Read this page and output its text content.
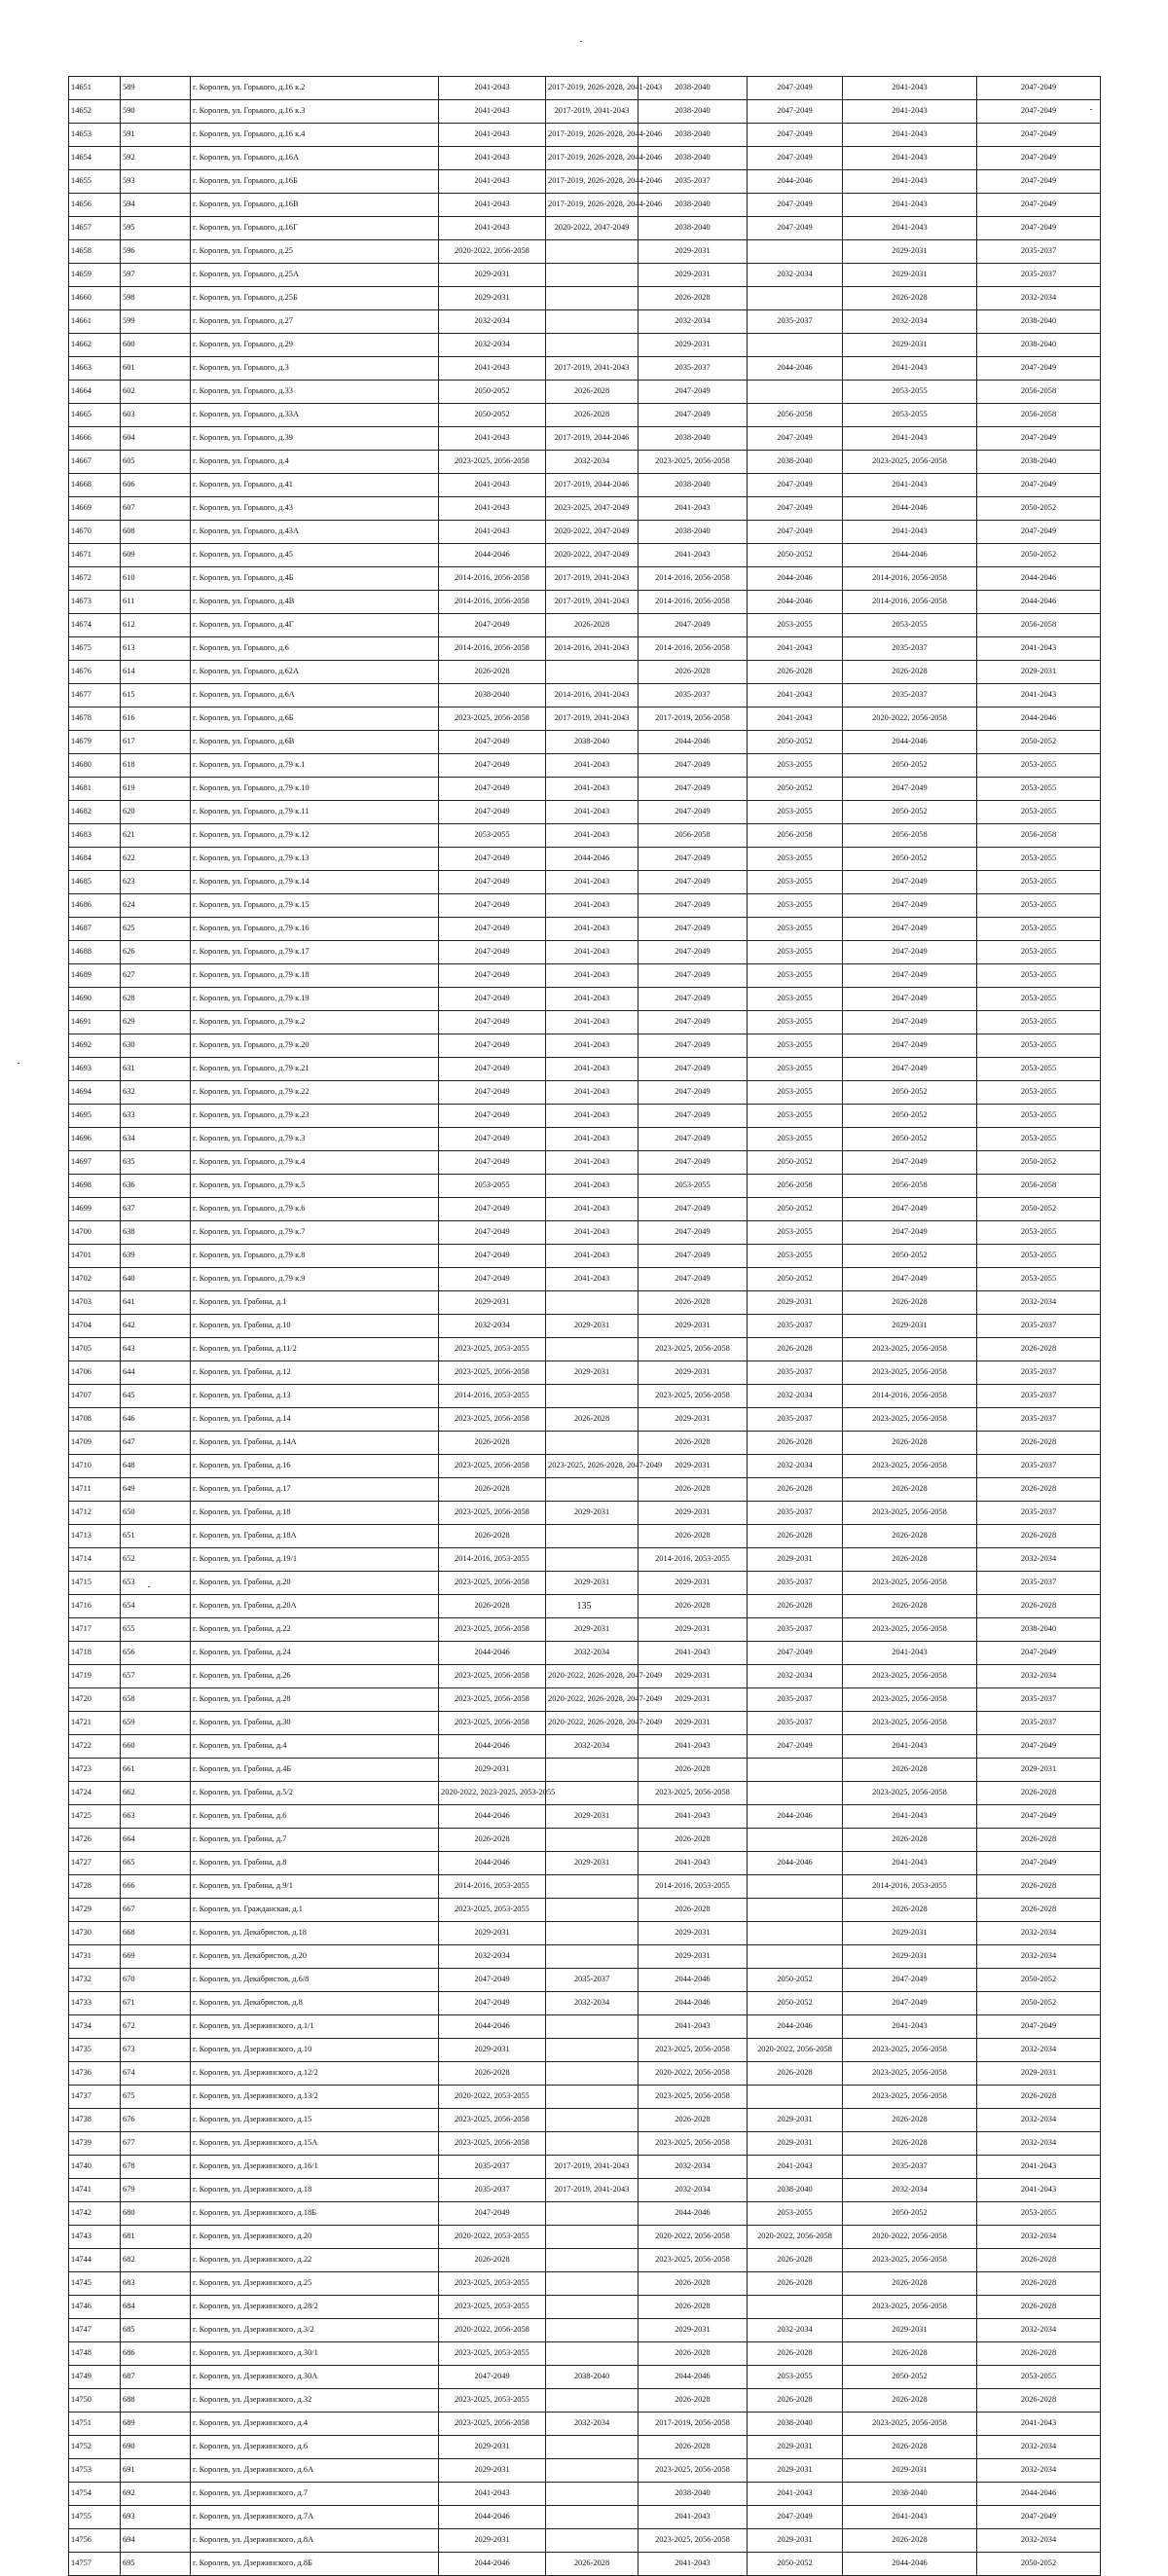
14651	589	г. Королев, ул. Горького, д.16 к.2	2041-2043	2017-2019, 2026-2028, 2041-2043	2038-2040	2047-2049	2041-2043	2047-2049
14652	590	г. Королев, ул. Горького, д.16 к.3	2041-2043	2017-2019, 2041-2043	2038-2040	2047-2049	2041-2043	2047-2049
14653	591	г. Королев, ул. Горького, д.16 к.4	2041-2043	2017-2019, 2026-2028, 2044-2046	2038-2040	2047-2049	2041-2043	2047-2049
14654	592	г. Королев, ул. Горького, д.16А	2041-2043	2017-2019, 2026-2028, 2044-2046	2038-2040	2047-2049	2041-2043	2047-2049
14655	593	г. Королев, ул. Горького, д.16Б	2041-2043	2017-2019, 2026-2028, 2044-2046	2035-2037	2044-2046	2041-2043	2047-2049
14656	594	г. Королев, ул. Горького, д.16В	2041-2043	2017-2019, 2026-2028, 2044-2046	2038-2040	2047-2049	2041-2043	2047-2049
14657	595	г. Королев, ул. Горького, д.16Г	2041-2043	2020-2022, 2047-2049	2038-2040	2047-2049	2041-2043	2047-2049
14658	596	г. Королев, ул. Горького, д.25	2020-2022, 2056-2058		2029-2031		2029-2031	2035-2037
14659	597	г. Королев, ул. Горького, д.25А	2029-2031		2029-2031	2032-2034	2029-2031	2035-2037
14660	598	г. Королев, ул. Горького, д.25Б	2029-2031		2026-2028		2026-2028	2032-2034
14661	599	г. Королев, ул. Горького, д.27	2032-2034		2032-2034	2035-2037	2032-2034	2038-2040
14662	600	г. Королев, ул. Горького, д.29	2032-2034		2029-2031		2029-2031	2038-2040
14663	601	г. Королев, ул. Горького, д.3	2041-2043	2017-2019, 2041-2043	2035-2037	2044-2046	2041-2043	2047-2049
14664	602	г. Королев, ул. Горького, д.33	2050-2052	2026-2028	2047-2049		2053-2055	2056-2058
14665	603	г. Королев, ул. Горького, д.33А	2050-2052	2026-2028	2047-2049	2056-2058	2053-2055	2056-2058
14666	604	г. Королев, ул. Горького, д.39	2041-2043	2017-2019, 2044-2046	2038-2040	2047-2049	2041-2043	2047-2049
14667	605	г. Королев, ул. Горького, д.4	2023-2025, 2056-2058	2032-2034	2023-2025, 2056-2058	2038-2040	2023-2025, 2056-2058	2038-2040
14668	606	г. Королев, ул. Горького, д.41	2041-2043	2017-2019, 2044-2046	2038-2040	2047-2049	2041-2043	2047-2049
14669	607	г. Королев, ул. Горького, д.43	2041-2043	2023-2025, 2047-2049	2041-2043	2047-2049	2044-2046	2050-2052
14670	608	г. Королев, ул. Горького, д.43А	2041-2043	2020-2022, 2047-2049	2038-2040	2047-2049	2041-2043	2047-2049
14671	609	г. Королев, ул. Горького, д.45	2044-2046	2020-2022, 2047-2049	2041-2043	2050-2052	2044-2046	2050-2052
14672	610	г. Королев, ул. Горького, д.4Б	2014-2016, 2056-2058	2017-2019, 2041-2043	2014-2016, 2056-2058	2044-2046	2014-2016, 2056-2058	2044-2046
14673	611	г. Королев, ул. Горького, д.4В	2014-2016, 2056-2058	2017-2019, 2041-2043	2014-2016, 2056-2058	2044-2046	2014-2016, 2056-2058	2044-2046
14674	612	г. Королев, ул. Горького, д.4Г	2047-2049	2026-2028	2047-2049	2053-2055	2053-2055	2056-2058
14675	613	г. Королев, ул. Горького, д.6	2014-2016, 2056-2058	2014-2016, 2041-2043	2014-2016, 2056-2058	2041-2043	2035-2037	2041-2043
14676	614	г. Королев, ул. Горького, д.62А	2026-2028		2026-2028	2026-2028	2026-2028	2029-2031
14677	615	г. Королев, ул. Горького, д.6А	2038-2040	2014-2016, 2041-2043	2035-2037	2041-2043	2035-2037	2041-2043
14678	616	г. Королев, ул. Горького, д.6Б	2023-2025, 2056-2058	2017-2019, 2041-2043	2017-2019, 2056-2058	2041-2043	2020-2022, 2056-2058	2044-2046
14679	617	г. Королев, ул. Горького, д.6В	2047-2049	2038-2040	2044-2046	2050-2052	2044-2046	2050-2052
14680	618	г. Королев, ул. Горького, д.79 к.1	2047-2049	2041-2043	2047-2049	2053-2055	2050-2052	2053-2055
14681	619	г. Королев, ул. Горького, д.79 к.10	2047-2049	2041-2043	2047-2049	2050-2052	2047-2049	2053-2055
14682	620	г. Королев, ул. Горького, д.79 к.11	2047-2049	2041-2043	2047-2049	2053-2055	2050-2052	2053-2055
14683	621	г. Королев, ул. Горького, д.79 к.12	2053-2055	2041-2043	2056-2058	2056-2058	2056-2058	2056-2058
14684	622	г. Королев, ул. Горького, д.79 к.13	2047-2049	2044-2046	2047-2049	2053-2055	2050-2052	2053-2055
14685	623	г. Королев, ул. Горького, д.79 к.14	2047-2049	2041-2043	2047-2049	2053-2055	2047-2049	2053-2055
14686	624	г. Королев, ул. Горького, д.79 к.15	2047-2049	2041-2043	2047-2049	2053-2055	2047-2049	2053-2055
14687	625	г. Королев, ул. Горького, д.79 к.16	2047-2049	2041-2043	2047-2049	2053-2055	2047-2049	2053-2055
14688	626	г. Королев, ул. Горького, д.79 к.17	2047-2049	2041-2043	2047-2049	2053-2055	2047-2049	2053-2055
14689	627	г. Королев, ул. Горького, д.79 к.18	2047-2049	2041-2043	2047-2049	2053-2055	2047-2049	2053-2055
14690	628	г. Королев, ул. Горького, д.79 к.19	2047-2049	2041-2043	2047-2049	2053-2055	2047-2049	2053-2055
14691	629	г. Королев, ул. Горького, д.79 к.2	2047-2049	2041-2043	2047-2049	2053-2055	2047-2049	2053-2055
14692	630	г. Королев, ул. Горького, д.79 к.20	2047-2049	2041-2043	2047-2049	2053-2055	2047-2049	2053-2055
14693	631	г. Королев, ул. Горького, д.79 к.21	2047-2049	2041-2043	2047-2049	2053-2055	2047-2049	2053-2055
14694	632	г. Королев, ул. Горького, д.79 к.22	2047-2049	2041-2043	2047-2049	2053-2055	2050-2052	2053-2055
14695	633	г. Королев, ул. Горького, д.79 к.23	2047-2049	2041-2043	2047-2049	2053-2055	2050-2052	2053-2055
14696	634	г. Королев, ул. Горького, д.79 к.3	2047-2049	2041-2043	2047-2049	2053-2055	2050-2052	2053-2055
14697	635	г. Королев, ул. Горького, д.79 к.4	2047-2049	2041-2043	2047-2049	2050-2052	2047-2049	2050-2052
14698	636	г. Королев, ул. Горького, д.79 к.5	2053-2055	2041-2043	2053-2055	2056-2058	2056-2058	2056-2058
14699	637	г. Королев, ул. Горького, д.79 к.6	2047-2049	2041-2043	2047-2049	2050-2052	2047-2049	2050-2052
14700	638	г. Королев, ул. Горького, д.79 к.7	2047-2049	2041-2043	2047-2049	2053-2055	2047-2049	2053-2055
14701	639	г. Королев, ул. Горького, д.79 к.8	2047-2049	2041-2043	2047-2049	2053-2055	2050-2052	2053-2055
14702	640	г. Королев, ул. Горького, д.79 к.9	2047-2049	2041-2043	2047-2049	2050-2052	2047-2049	2053-2055
14703	641	г. Королев, ул. Грабина, д.1	2029-2031		2026-2028	2029-2031	2026-2028	2032-2034
14704	642	г. Королев, ул. Грабина, д.10	2032-2034	2029-2031	2029-2031	2035-2037	2029-2031	2035-2037
14705	643	г. Королев, ул. Грабина, д.11/2	2023-2025, 2053-2055		2023-2025, 2056-2058	2026-2028	2023-2025, 2056-2058	2026-2028
14706	644	г. Королев, ул. Грабина, д.12	2023-2025, 2056-2058	2029-2031	2029-2031	2035-2037	2023-2025, 2056-2058	2035-2037
14707	645	г. Королев, ул. Грабина, д.13	2014-2016, 2053-2055		2023-2025, 2056-2058	2032-2034	2014-2016, 2056-2058	2035-2037
14708	646	г. Королев, ул. Грабина, д.14	2023-2025, 2056-2058	2026-2028	2029-2031	2035-2037	2023-2025, 2056-2058	2035-2037
14709	647	г. Королев, ул. Грабина, д.14А	2026-2028		2026-2028	2026-2028	2026-2028	2026-2028
14710	648	г. Королев, ул. Грабина, д.16	2023-2025, 2056-2058	2023-2025, 2026-2028, 2047-2049	2029-2031	2032-2034	2023-2025, 2056-2058	2035-2037
14711	649	г. Королев, ул. Грабина, д.17	2026-2028		2026-2028	2026-2028	2026-2028	2026-2028
14712	650	г. Королев, ул. Грабина, д.18	2023-2025, 2056-2058	2029-2031	2029-2031	2035-2037	2023-2025, 2056-2058	2035-2037
14713	651	г. Королев, ул. Грабина, д.18А	2026-2028		2026-2028	2026-2028	2026-2028	2026-2028
14714	652	г. Королев, ул. Грабина, д.19/1	2014-2016, 2053-2055		2014-2016, 2053-2055	2029-2031	2026-2028	2032-2034
14715	653	г. Королев, ул. Грабина, д.20	2023-2025, 2056-2058	2029-2031	2029-2031	2035-2037	2023-2025, 2056-2058	2035-2037
14716	654	г. Королев, ул. Грабина, д.20А	2026-2028		2026-2028	2026-2028	2026-2028	2026-2028
14717	655	г. Королев, ул. Грабина, д.22	2023-2025, 2056-2058	2029-2031	2029-2031	2035-2037	2023-2025, 2056-2058	2038-2040
14718	656	г. Королев, ул. Грабина, д.24	2044-2046	2032-2034	2041-2043	2047-2049	2041-2043	2047-2049
14719	657	г. Королев, ул. Грабина, д.26	2023-2025, 2056-2058	2020-2022, 2026-2028, 2047-2049	2029-2031	2032-2034	2023-2025, 2056-2058	2032-2034
14720	658	г. Королев, ул. Грабина, д.28	2023-2025, 2056-2058	2020-2022, 2026-2028, 2047-2049	2029-2031	2035-2037	2023-2025, 2056-2058	2035-2037
14721	659	г. Королев, ул. Грабина, д.30	2023-2025, 2056-2058	2020-2022, 2026-2028, 2047-2049	2029-2031	2035-2037	2023-2025, 2056-2058	2035-2037
14722	660	г. Королев, ул. Грабина, д.4	2044-2046	2032-2034	2041-2043	2047-2049	2041-2043	2047-2049
14723	661	г. Королев, ул. Грабина, д.4Б	2029-2031		2026-2028		2026-2028	2029-2031
14724	662	г. Королев, ул. Грабина, д.5/2	2020-2022, 2023-2025, 2053-2055		2023-2025, 2056-2058		2023-2025, 2056-2058	2026-2028
14725	663	г. Королев, ул. Грабина, д.6	2044-2046	2029-2031	2041-2043	2044-2046	2041-2043	2047-2049
14726	664	г. Королев, ул. Грабина, д.7	2026-2028		2026-2028		2026-2028	2026-2028
14727	665	г. Королев, ул. Грабина, д.8	2044-2046	2029-2031	2041-2043	2044-2046	2041-2043	2047-2049
14728	666	г. Королев, ул. Грабина, д.9/1	2014-2016, 2053-2055		2014-2016, 2053-2055		2014-2016, 2053-2055	2026-2028
14729	667	г. Королев, ул. Гражданская, д.1	2023-2025, 2053-2055		2026-2028		2026-2028	2026-2028
14730	668	г. Королев, ул. Декабристов, д.18	2029-2031		2029-2031		2029-2031	2032-2034
14731	669	г. Королев, ул. Декабристов, д.20	2032-2034		2029-2031		2029-2031	2032-2034
14732	670	г. Королев, ул. Декабристов, д.6/8	2047-2049	2035-2037	2044-2046	2050-2052	2047-2049	2050-2052
14733	671	г. Королев, ул. Декабристов, д.8	2047-2049	2032-2034	2044-2046	2050-2052	2047-2049	2050-2052
14734	672	г. Королев, ул. Дзержинского, д.1/1	2044-2046		2041-2043	2044-2046	2041-2043	2047-2049
14735	673	г. Королев, ул. Дзержинского, д.10	2029-2031		2023-2025, 2056-2058	2020-2022, 2056-2058	2023-2025, 2056-2058	2032-2034
14736	674	г. Королев, ул. Дзержинского, д.12/2	2026-2028		2020-2022, 2056-2058	2026-2028	2023-2025, 2056-2058	2029-2031
14737	675	г. Королев, ул. Дзержинского, д.13/2	2020-2022, 2053-2055		2023-2025, 2056-2058		2023-2025, 2056-2058	2026-2028
14738	676	г. Королев, ул. Дзержинского, д.15	2023-2025, 2056-2058		2026-2028	2029-2031	2026-2028	2032-2034
14739	677	г. Королев, ул. Дзержинского, д.15А	2023-2025, 2056-2058		2023-2025, 2056-2058	2029-2031	2026-2028	2032-2034
14740	678	г. Королев, ул. Дзержинского, д.16/1	2035-2037	2017-2019, 2041-2043	2032-2034	2041-2043	2035-2037	2041-2043
14741	679	г. Королев, ул. Дзержинского, д.18	2035-2037	2017-2019, 2041-2043	2032-2034	2038-2040	2032-2034	2041-2043
14742	680	г. Королев, ул. Дзержинского, д.18Б	2047-2049		2044-2046	2053-2055	2050-2052	2053-2055
14743	681	г. Королев, ул. Дзержинского, д.20	2020-2022, 2053-2055		2020-2022, 2056-2058	2020-2022, 2056-2058	2020-2022, 2056-2058	2032-2034
14744	682	г. Королев, ул. Дзержинского, д.22	2026-2028		2023-2025, 2056-2058	2026-2028	2023-2025, 2056-2058	2026-2028
14745	683	г. Королев, ул. Дзержинского, д.25	2023-2025, 2053-2055		2026-2028	2026-2028	2026-2028	2026-2028
14746	684	г. Королев, ул. Дзержинского, д.28/2	2023-2025, 2053-2055		2026-2028		2023-2025, 2056-2058	2026-2028
14747	685	г. Королев, ул. Дзержинского, д.3/2	2020-2022, 2056-2058		2029-2031	2032-2034	2029-2031	2032-2034
14748	686	г. Королев, ул. Дзержинского, д.30/1	2023-2025, 2053-2055		2026-2028	2026-2028	2026-2028	2026-2028
14749	687	г. Королев, ул. Дзержинского, д.30А	2047-2049	2038-2040	2044-2046	2053-2055	2050-2052	2053-2055
14750	688	г. Королев, ул. Дзержинского, д.32	2023-2025, 2053-2055		2026-2028	2026-2028	2026-2028	2026-2028
14751	689	г. Королев, ул. Дзержинского, д.4	2023-2025, 2056-2058	2032-2034	2017-2019, 2056-2058	2038-2040	2023-2025, 2056-2058	2041-2043
14752	690	г. Королев, ул. Дзержинского, д.6	2029-2031		2026-2028	2029-2031	2026-2028	2032-2034
14753	691	г. Королев, ул. Дзержинского, д.6А	2029-2031		2023-2025, 2056-2058	2029-2031	2029-2031	2032-2034
14754	692	г. Королев, ул. Дзержинского, д.7	2041-2043		2038-2040	2041-2043	2038-2040	2044-2046
14755	693	г. Королев, ул. Дзержинского, д.7А	2044-2046		2041-2043	2047-2049	2041-2043	2047-2049
14756	694	г. Королев, ул. Дзержинского, д.8А	2029-2031		2023-2025, 2056-2058	2029-2031	2026-2028	2032-2034
14757	695	г. Королев, ул. Дзержинского, д.8Б	2044-2046	2026-2028	2041-2043	2050-2052	2044-2046	2050-2052
135
